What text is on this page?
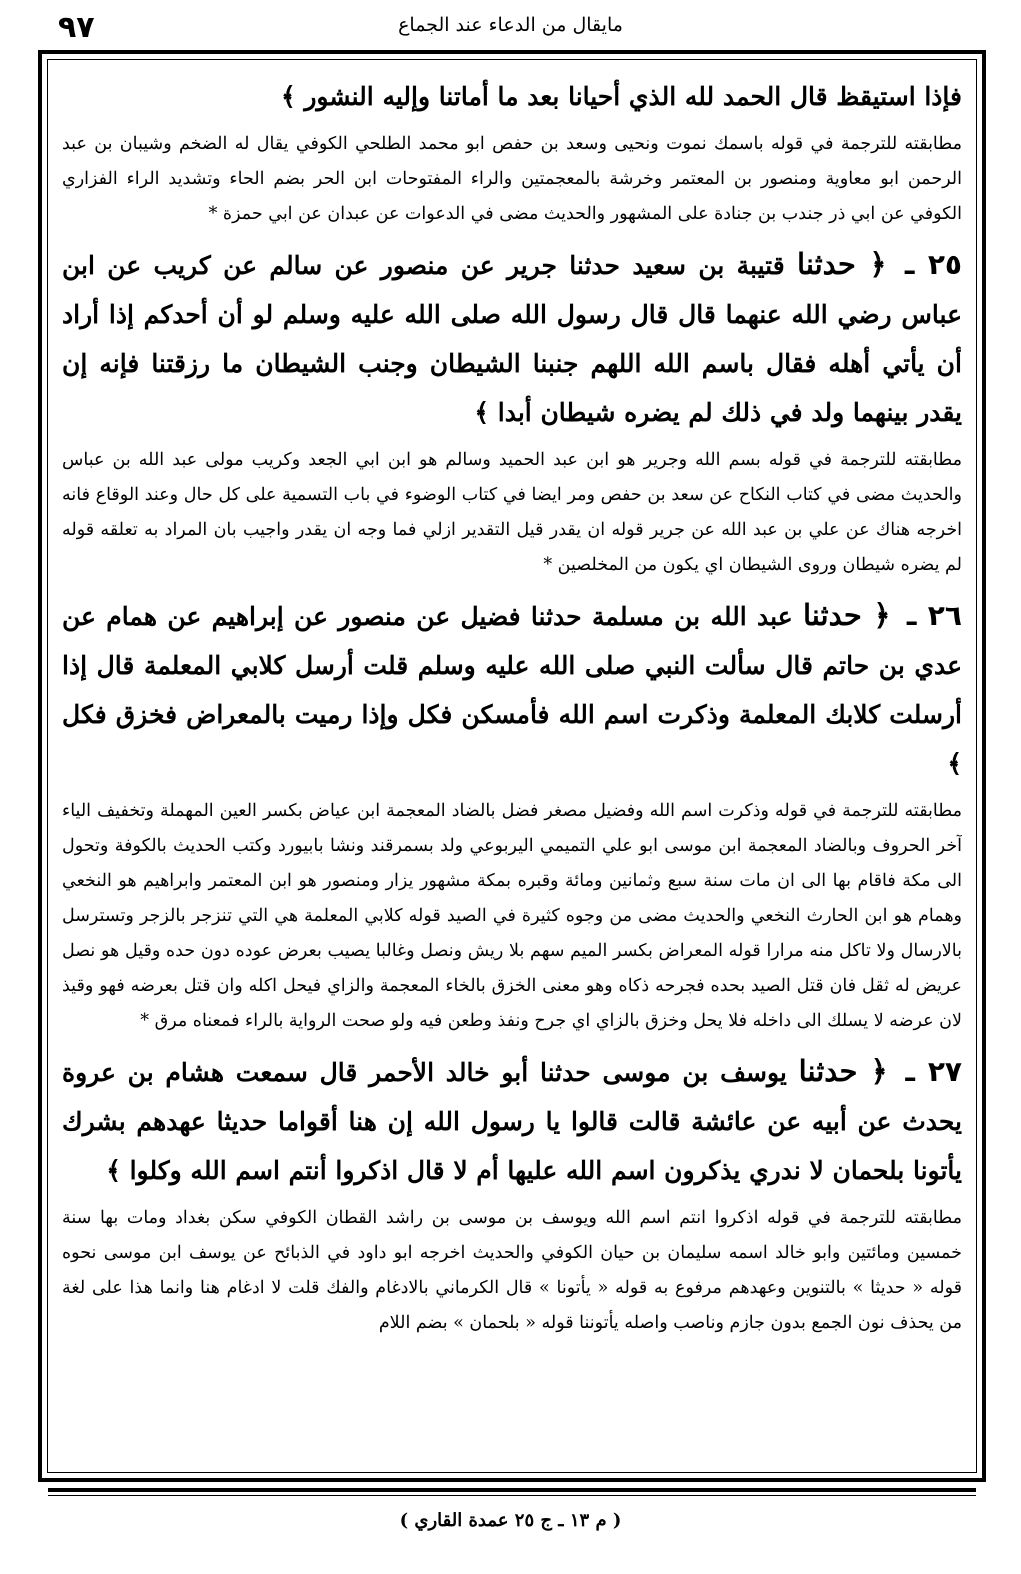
٩٧	مايقال من الدعاء عند الجماع

فإذا استيقظ قال الحمد لله الذي أحيانا بعد ما أماتنا وإليه النشور ﴾

مطابقته للترجمة في قوله باسمك نموت ونحيى وسعد بن حفص ابو محمد الطلحي الكوفي يقال له الضخم وشيبان بن عبد الرحمن ابو معاوية ومنصور بن المعتمر وخرشة بالمعجمتين والراء المفتوحات ابن الحر بضم الحاء وتشديد الراء الفزاري الكوفي عن ابي ذر جندب بن جنادة على المشهور والحديث مضى في الدعوات عن عبدان عن ابي حمزة *

٢٥ ـ ﴿ حدثنا قتيبة بن سعيد حدثنا جرير عن منصور عن سالم عن كريب عن ابن عباس رضي الله عنهما قال قال رسول الله صلى الله عليه وسلم لو أن أحدكم إذا أراد أن يأتي أهله فقال باسم الله اللهم جنبنا الشيطان وجنب الشيطان ما رزقتنا فإنه إن يقدر بينهما ولد في ذلك لم يضره شيطان أبدا ﴾

مطابقته للترجمة في قوله بسم الله وجرير هو ابن عبد الحميد وسالم هو ابن ابي الجعد وكريب مولى عبد الله بن عباس والحديث مضى في كتاب النكاح عن سعد بن حفص ومر ايضا في كتاب الوضوء في باب التسمية على كل حال وعند الوقاع فانه اخرجه هناك عن علي بن عبد الله عن جرير قوله ان يقدر قيل التقدير ازلي فما وجه ان يقدر واجيب بان المراد به تعلقه قوله لم يضره شيطان وروى الشيطان اي يكون من المخلصين *

٢٦ ـ ﴿ حدثنا عبد الله بن مسلمة حدثنا فضيل عن منصور عن إبراهيم عن همام عن عدي بن حاتم قال سألت النبي صلى الله عليه وسلم قلت أرسل كلابي المعلمة قال إذا أرسلت كلابك المعلمة وذكرت اسم الله فأمسكن فكل وإذا رميت بالمعراض فخزق فكل ﴾

مطابقته للترجمة في قوله وذكرت اسم الله وفضيل مصغر فضل بالضاد المعجمة ابن عياض بكسر العين المهملة وتخفيف الياء آخر الحروف وبالضاد المعجمة ابن موسى ابو علي التميمي اليربوعي ولد بسمرقند ونشا بابيورد وكتب الحديث بالكوفة وتحول الى مكة فاقام بها الى ان مات سنة سبع وثمانين ومائة وقبره بمكة مشهور يزار ومنصور هو ابن المعتمر وابراهيم هو النخعي وهمام هو ابن الحارث النخعي والحديث مضى من وجوه كثيرة في الصيد قوله كلابي المعلمة هي التي تنزجر بالزجر وتسترسل بالارسال ولا تاكل منه مرارا قوله المعراض بكسر الميم سهم بلا ريش ونصل وغالبا يصيب بعرض عوده دون حده وقيل هو نصل عريض له ثقل فان قتل الصيد بحده فجرحه ذكاه وهو معنى الخزق بالخاء المعجمة والزاي فيحل اكله وان قتل بعرضه فهو وقيذ لان عرضه لا يسلك الى داخله فلا يحل وخزق بالزاي اي جرح ونفذ وطعن فيه ولو صحت الرواية بالراء فمعناه مرق *

٢٧ ـ ﴿ حدثنا يوسف بن موسى حدثنا أبو خالد الأحمر قال سمعت هشام بن عروة يحدث عن أبيه عن عائشة قالت قالوا يا رسول الله إن هنا أقواما حديثا عهدهم بشرك يأتونا بلحمان لا ندري يذكرون اسم الله عليها أم لا قال اذكروا أنتم اسم الله وكلوا ﴾

مطابقته للترجمة في قوله اذكروا انتم اسم الله ويوسف بن موسى بن راشد القطان الكوفي سكن بغداد ومات بها سنة خمسين ومائتين وابو خالد اسمه سليمان بن حيان الكوفي والحديث اخرجه ابو داود في الذبائح عن يوسف ابن موسى نحوه قوله « حديثا » بالتنوين وعهدهم مرفوع به قوله « يأتونا » قال الكرماني بالادغام والفك قلت لا ادغام هنا وانما هذا على لغة من يحذف نون الجمع بدون جازم وناصب واصله يأتوننا قوله « بلحمان » بضم اللام

( م ١٣ ـ ج ٢٥ عمدة القاري )
